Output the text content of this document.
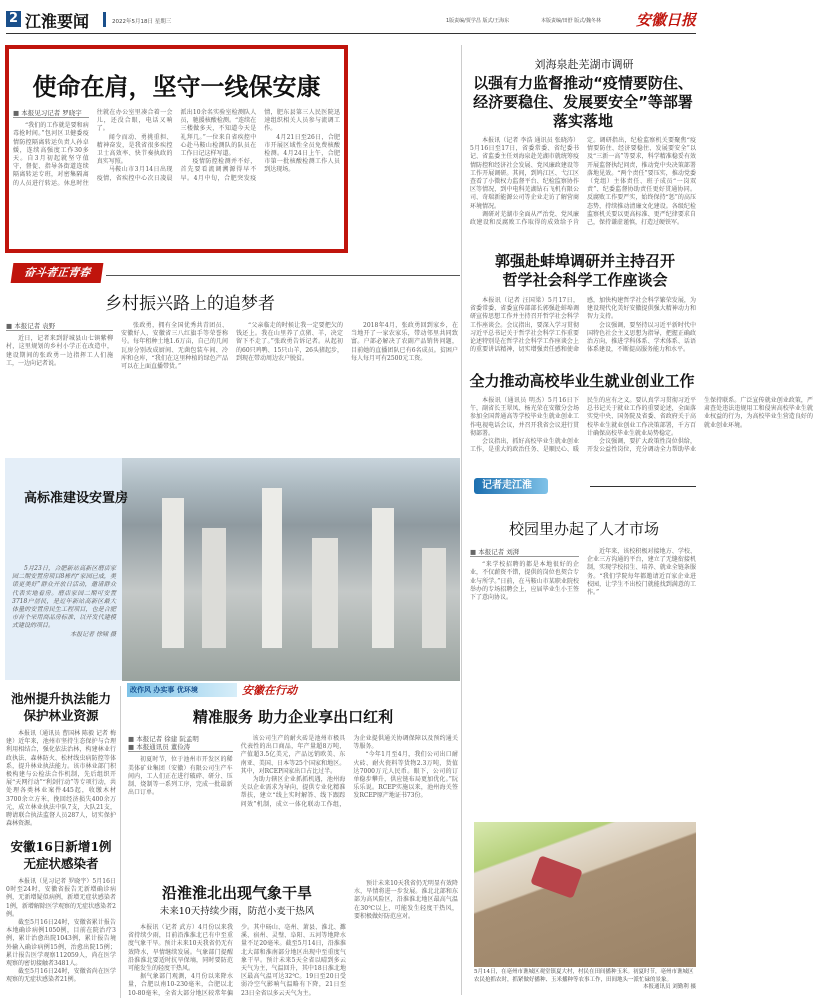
2 江淮要闻	2022年5月18日 星期三	1版责编/贾学昌 版式/王海东	本版责编/田舒 版式/魏冬林 安徽日报
使命在肩，坚守一线保安康
■ 本报见习记者 罗晓宇

“我们的工作就是要和病毒抢时间。”包河区卫健委疫情防控隔离转运负责人孙卓媛，连续高强度工作30多天。自3月初起就坚守值守，督促、指导各街道连续隔离转运专班，对密集隔离的人员进行转运。休息时往往就在办公室里凑合着一会儿，还没合眼，电话又响了。

闻令而动、勇挑重担、精神奋发，是我省很多疾控卫士高效率、快节奏执政的真实写照。

马鞍山市3月14日出现疫情，省疾控中心次日凌晨派出10余名实验室检测队人员，驰援核酸检测。“连续在三楼做多天，不知道今天是礼拜几。”一位来自省疾控中心赴马鞍山检测队的队员在工作日记这样写道。

疫情防控检测并不好，首先要看流调溯源得早不早。4月中旬，合肥突发疫情，肥东县第三人民医院迅速组织相关人员参与流调工作。

4月21日至26日，合肥市开展区域性全员免费核酸检测。4月24日上午，合肥市第一批核酸检测工作人员到达现场。

刘海泉赴芜湖市调研
以强有力监督推动“疫情要防住、经济要稳住、发展要安全”等部署落实落地

本报讯（记者 李浩 通讯员 张晓涛）5月16日至17日，省委常委、省纪委书记、省监委主任刘海泉赴芜湖市就统筹疫情防控和经济社会发展、党风廉政建设等工作开展调研。其间，到鸠江区、弋江区查看了小微权力监督平台、纪检监察协作区等情况，到中电科芜湖钻石飞机有限公司、奇瑞新能源公司等企业走访了解营商环境情况。

调研对芜湖市全面从严治党、党风廉政建设和反腐败工作取得的成效给予肯定。调研指出，纪检监察机关要聚焦“疫情要防住、经济要稳住、发展要安全”以及“三新一高”等要求，科学精准稳妥有效开展监督执纪问责，推动党中央决策部署落地见效。“两个责任”要压实，推动党委（党组）主体责任、班子成员“一岗双责”、纪委监督协助责任更好贯通协同。反腐败工作要严实，始终保持“惩”的高压态势，持续推动清廉文化建设。各级纪检监察机关要以更高标准、更严纪律要求自己，保持谦虚谨慎，打造过硬铁军。

郭强赴蚌埠调研并主持召开哲学社会科学工作座谈会

本报讯（记者 汪国梁）5月17日，省委常委、省委宣传部部长郭强赴蚌埠调研宣传思想工作并主持召开哲学社会科学工作座谈会。会议指出，要深入学习贯彻习近平总书记关于哲学社会科学工作重要论述特别是在哲学社会科学工作座谈会上的重要讲话精神，切实增强责任感和使命感，加快构建哲学社会科学繁荣发展，为建设现代化美好安徽提供强大精神动力和智力支持。

会议强调，要坚持以习近平新时代中国特色社会主义思想为指导，把握正确政治方向，推进学科体系、学术体系、话语体系建设，不断提高服务能力和水平。

全力推动高校毕业生就业创业工作

本报讯（通讯员 明杰）5月16日下午，副省长王翠凤、杨光荣在安徽分会场参加全国普通高等学校毕业生就业创业工作电视电话会议，并召开我省会议进行贯彻部署。

会议指出，抓好高校毕业生就业创业工作，是重大的政治任务、是顺民心、暖民生的应有之义。要认真学习贯彻习近平总书记关于就业工作的重要论述，全面落实党中央、国务院及省委、省政府关于高校毕业生就业创业工作决策部署，千方百计确保高校毕业生就业局势稳定。

会议强调，要扩大政策性岗位供给，开发公益性岗位，充分调动全力帮助毕业生保持联系。广泛宣传就业创业政策，严肃查处违法违规用工和侵害高校毕业生就业权益的行为，为高校毕业生营造良好的就业创业环境。

记者走江淮
校园里办起了人才市场
■ 本报记者 刘湃

“来学校招聘的都是本地很好的企业，不仅薪资不错，提供的岗位也契合专业与所学。”日前，在马鞍山市某职业院校举办的专场招聘会上，应届毕业生小王签下了意向协议。

近年来，该校积极对接地方、学校、企业三方沟通的平台，建立了无缝衔接机制，实现学校招生、培养、就业全链条服务。“我们学院每年都邀请近百家企业进校园，让学生不出校门就能找到满意的工作。”

5月14日，在亳州市谯城区观堂镇夏大村，村民在田间播种玉米。初夏时节，亳州市谯城区农民抢抓农时，抓紧做好播种、玉米播种等农事工作，田间地头一派忙碌的景象。
本报通讯员 刘勤利 摄
奋斗者正青春
乡村振兴路上的追梦者
■ 本报记者 袁野

近日，记者来到舒城县山七镇紫柳村，这里规划的乡村小学正在改造中，建设期间的张政勇一边指挥工人们施工，一边向记者说。

张政勇，拥有全国优秀共青团员、安徽好人、安徽省三八红旗手等荣誉称号。每年租种土地1.6万亩，自己的几间瓦房分别改成厨间、无菌包装车间、冷库和仓库，“我们在这里种植的绿色产品可以在上面直播带货。”

“父亲临走的时候让我一定要把欠的钱还上。我在山里养了点猪、羊，决定留下不走了。”张政勇告诉记者。从起初的60只鸡鸭、15只山羊，26头猪起步，到现在带动周边农户脱贫。

2018年4月，张政勇回到家乡，在当地开了一家农家乐，带动邻里共同致富。户部必解决了农副产品销售问题，目前她的直播团队已有6名成员。贫困户每人每月可有2500元工资。

高标准建设安置房

5月23日，合肥新站高新区磨店家园二期安置房项目8栋约“家园已成，美诺更美好”群众开放日活动，邀请群众代表实地看房。磨店家园二期可安置3718户居民，是近年新站高新区最大体量的安置房民生工程项目，也是合肥市首个采用商品房标准、以开发代建模式建设的项目。

本报记者 徐啸 摄

池州提升执法能力保护林业资源

本报讯（通讯员 曹国林 陈毅 记者 梅建）近年来，池州市坚持生态保护与合理利用相结合，强化依法治林，构建林业行政执法、森林防火、松材线虫病防控等体系，提升林业执法能力。该市林业部门积极构建与公检法合作机制，先后组织开展“天网行动”“利剑行动”等专项行动，共处理各类林业案件445起，收缴木材3700余立方米，挽回经济损失400余万元，成立林业执法中队7支，大队21支，聘请联合执法监督人员287人，切实保护森林资源。

安徽16日新增1例无症状感染者

本报讯（见习记者 罗晓宇）5月16日0时至24时，安徽省报告无新增确诊病例，无新增疑似病例，新增无症状感染者1例，新增解除医学观察的无症状感染者2例。

截至5月16日24时，安徽省累计报告本地确诊病例1050例，目前在院治疗3例，累计治愈出院1043例，累计报告境外输入确诊病例15例，治愈出院15例；累计报告医学观察112059人，尚在医学观察的密切接触者3481人。

截至5月16日24时，安徽省尚在医学观察的无症状感染者21例。

改作风 办实事 优环境	安徽在行动
精准服务 助力企业享出口红利
■ 本报记者 徐建 阮孟明
■ 本报通讯员 董俭涛

初夏时节，位于池州市开发区的稀美体矿业集团（安徽）有限公司生产车间内，工人们正在进行破碎、研分、压制、烧制等一系列工序，完成一批最新出口订单。

该公司生产的耐火砖是池州市极具代表性的出口商品，年产量超8万吨，产值超3.5亿美元，产品远销欧美、东南亚、美国、日本等25个国家和地区。其中，对RCEP国家出口占比过半。

为助力辖区企业抓抓机遇，池州海关以企业需求为导向，提供专业化精准帮扶，建立“线上实时解答、线下跟踪问效”机制，成立一体化联动工作组，为企业提供通关协调保障以及预约通关等服务。

“今年1月至4月，我们公司出口耐火砖、耐火瓷料等货物2.3万吨，货值达7000万元人民币。眼下，公司的订单稳步攀升，供应链布局更加优化。”阮乐乐说。RCEP实施以来，池州海关签发RCEP原产地证书73份。

沿淮淮北出现气象干旱
未来10天持续少雨，防范小麦干热风

本报讯（记者 武方）4月份以来我省持续少雨，目前沿淮淮北已有中至重度气象干旱。预计未来10天我省仍无有效降水，旱情继续发展。气象部门提醒沿淮淮北要适时抗旱保墒，同时要防范可能发生的轻度干热风。

据气象部门观测，4月份以来降水量，合肥以南10-230毫米，合肥以北10-80毫米，全省大部分地区较常年偏少。其中砀山、亳州、萧县、淮北、濉溪、宿州、灵璧、阜阳、五河等地降水量不足20毫米。截至5月14日，沿淮淮北大部和淮南部分地区出现中至重度气象干旱。预计未来5天全省以晴到多云天气为主，气温回升，其中18日淮北地区最高气温可达32℃。19日至20日受弱冷空气影响气温略有下降，21日至23日全省以多云天气为主。

预计未来10天我省仍无明显有效降水，旱情将进一步发展。淮北北部和东部为高风险区，沿淮淮北地区最高气温在30℃以上，可能发生轻度干热风，要积极做好防范应对。
